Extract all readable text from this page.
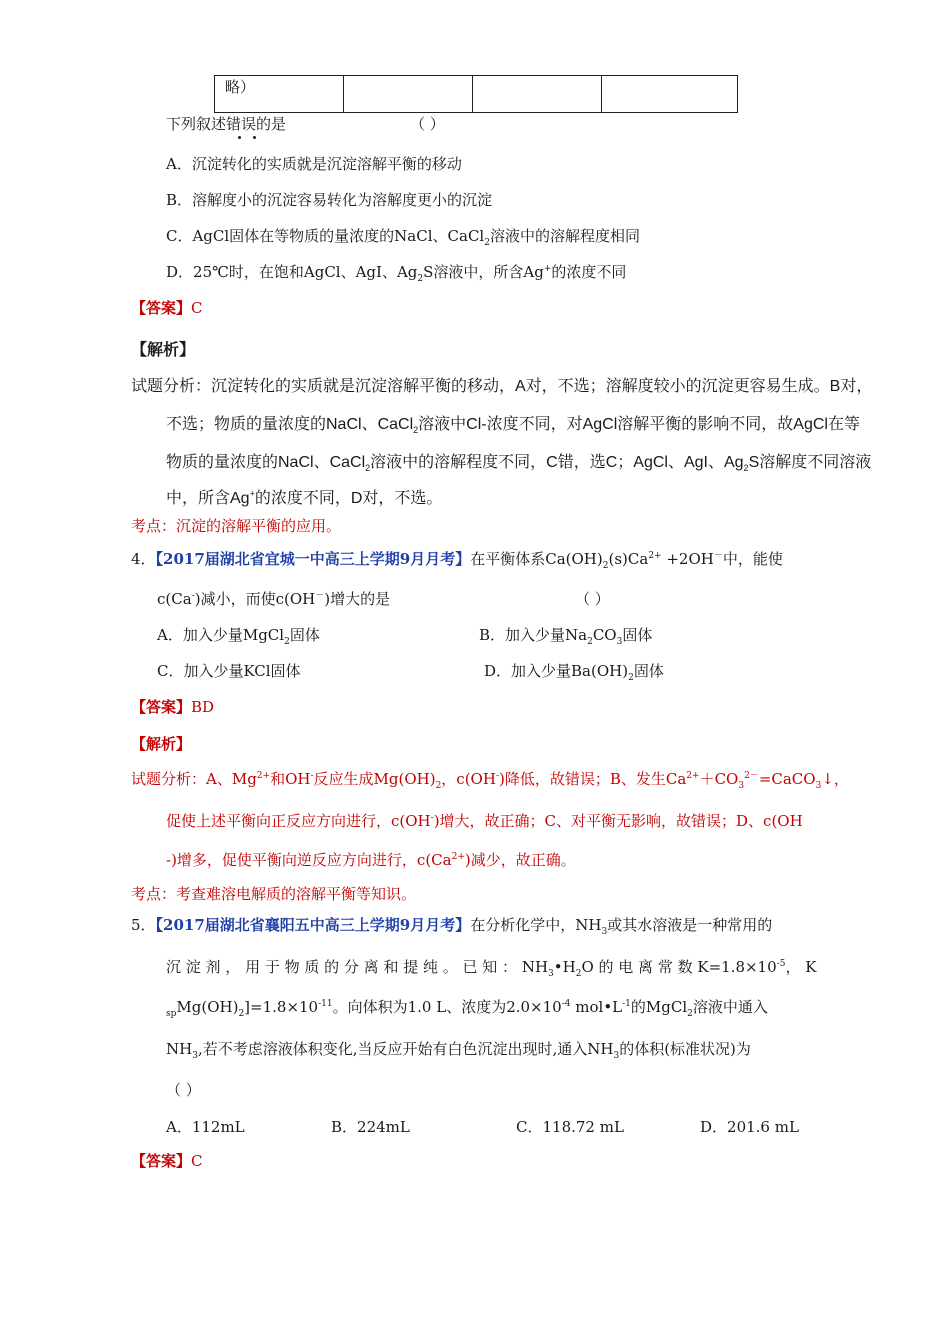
略）			
下列叙述错误的是	（ ）
A．沉淀转化的实质就是沉淀溶解平衡的移动
B．溶解度小的沉淀容易转化为溶解度更小的沉淀
C．AgCl固体在等物质的量浓度的NaCl、CaCl$_2$溶液中的溶解程度相同
D．25℃时，在饱和AgCl、AgI、$Ag_2S$溶液中，所含Ag+的浓度不同
【答案】C
【解析】
试题分析：沉淀转化的实质就是沉淀溶解平衡的移动，A对，不选；溶解度较小的沉淀更容易生成。B对，
不选；物质的量浓度的NaCl、CaCl$_2$溶液中Cl-浓度不同，对AgCl溶解平衡的影响不同，故AgCl在等
物质的量浓度的NaCl、CaCl$_2$溶液中的溶解程度不同，C错，选C；AgCl、AgI、$Ag_2S$溶解度不同溶液
中，所含Ag+的浓度不同，D对，不选。
考点：沉淀的溶解平衡的应用。
4．【2017届湖北省宜城一中高三上学期9月月考】在平衡体系$Ca(OH)_2(s)Ca^{2+} +2OH^-$中，能使
c(Ca-)减小，而使c(OH－)增大的是	（ ）
A．加入少量MgCl$_2$固体	B．加入少量$Na_2CO_3$固体
C．加入少量KCl固体	D．加入少量$Ba(OH)_2$固体
【答案】BD
【解析】
试题分析：A、$Mg^{2+}$和OH-反应生成$Mg(OH)_2$，c(OH-)降低，故错误；B、发生$Ca^{2+}+CO_3^{2-}=CaCO_3↓$，
促使上述平衡向正反应方向进行，c(OH-)增大，故正确；C、对平衡无影响，故错误；D、c(OH
-)增多，促使平衡向逆反应方向进行，$c(Ca^{2+})$减少，故正确。
考点：考查难溶电解质的溶解平衡等知识。
5．【2017届湖北省襄阳五中高三上学期9月月考】在分析化学中，$NH_3$或其水溶液是一种常用的
沉 淀 剂 ， 用 于 物 质 的 分 离 和 提 纯 。 已 知 ： $NH_3•H_2O$ 的 电 离 常 数 $K=1.8\times 10^{-5}$， K
$_{sp}Mg(OH)_2]=1.8\times 10^{-11}$。向体积为1.0 L、浓度为$2.0\times 10^{-4}$ $mol•L^{-1}$的MgCl$_2$溶液中通入
$NH_3$,若不考虑溶液体积变化,当反应开始有白色沉淀出现时,通入$NH_3$的体积(标准状况)为
（ ）
A．112mL	B．224mL	C．118.72 mL	D．201.6 mL
【答案】C
